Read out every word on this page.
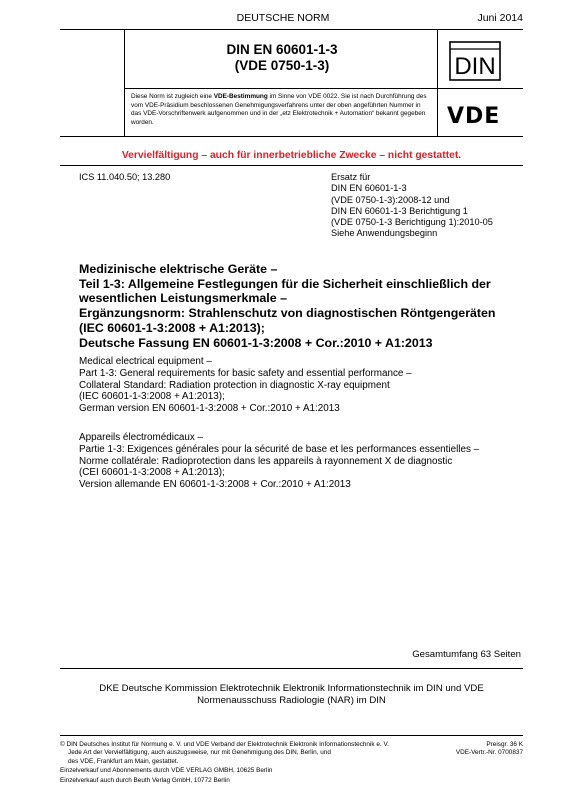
DEUTSCHE NORM	Juni 2014
DIN EN 60601-1-3
(VDE 0750-1-3)	DIN
Diese Norm ist zugleich eine VDE-Bestimmung im Sinne von VDE 0022. Sie ist nach Durchführung des vom VDE-Präsidium beschlossenen Genehmigungsverfahrens unter der oben angeführten Nummer in das VDE-Vorschriftenwerk aufgenommen und in der „etz Elektrotechnik + Automation“ bekannt gegeben worden.	VDE
Vervielfältigung – auch für innerbetriebliche Zwecke – nicht gestattet.
ICS 11.040.50; 13.280	Ersatz für
DIN EN 60601-1-3
(VDE 0750-1-3):2008-12 und
DIN EN 60601-1-3 Berichtigung 1
(VDE 0750-1-3 Berichtigung 1):2010-05
Siehe Anwendungsbeginn
Medizinische elektrische Geräte –
Teil 1-3: Allgemeine Festlegungen für die Sicherheit einschließlich der
wesentlichen Leistungsmerkmale –
Ergänzungsnorm: Strahlenschutz von diagnostischen Röntgengeräten
(IEC 60601-1-3:2008 + A1:2013);
Deutsche Fassung EN 60601-1-3:2008 + Cor.:2010 + A1:2013
Medical electrical equipment –
Part 1-3: General requirements for basic safety and essential performance –
Collateral Standard: Radiation protection in diagnostic X-ray equipment
(IEC 60601-1-3:2008 + A1:2013);
German version EN 60601-1-3:2008 + Cor.:2010 + A1:2013
Appareils électromédicaux –
Partie 1-3: Exigences générales pour la sécurité de base et les performances essentielles –
Norme collatérale: Radioprotection dans les appareils à rayonnement X de diagnostic
(CEI 60601-1-3:2008 + A1:2013);
Version allemande EN 60601-1-3:2008 + Cor.:2010 + A1:2013
Gesamtumfang 63 Seiten
DKE Deutsche Kommission Elektrotechnik Elektronik Informationstechnik im DIN und VDE
Normenausschuss Radiologie (NAR) im DIN
© DIN Deutsches Institut für Normung e. V. und VDE Verband der Elektrotechnik Elektronik Informationstechnik e. V.
Jede Art der Vervielfältigung, auch auszugsweise, nur mit Genehmigung des DIN, Berlin, und
des VDE, Frankfurt am Main, gestattet.
Preisgr. 36 K
VDE-Vertr.-Nr. 0700837
Einzelverkauf und Abonnements durch VDE VERLAG GMBH, 10625 Berlin
Einzelverkauf auch durch Beuth Verlag GmbH, 10772 Berlin
